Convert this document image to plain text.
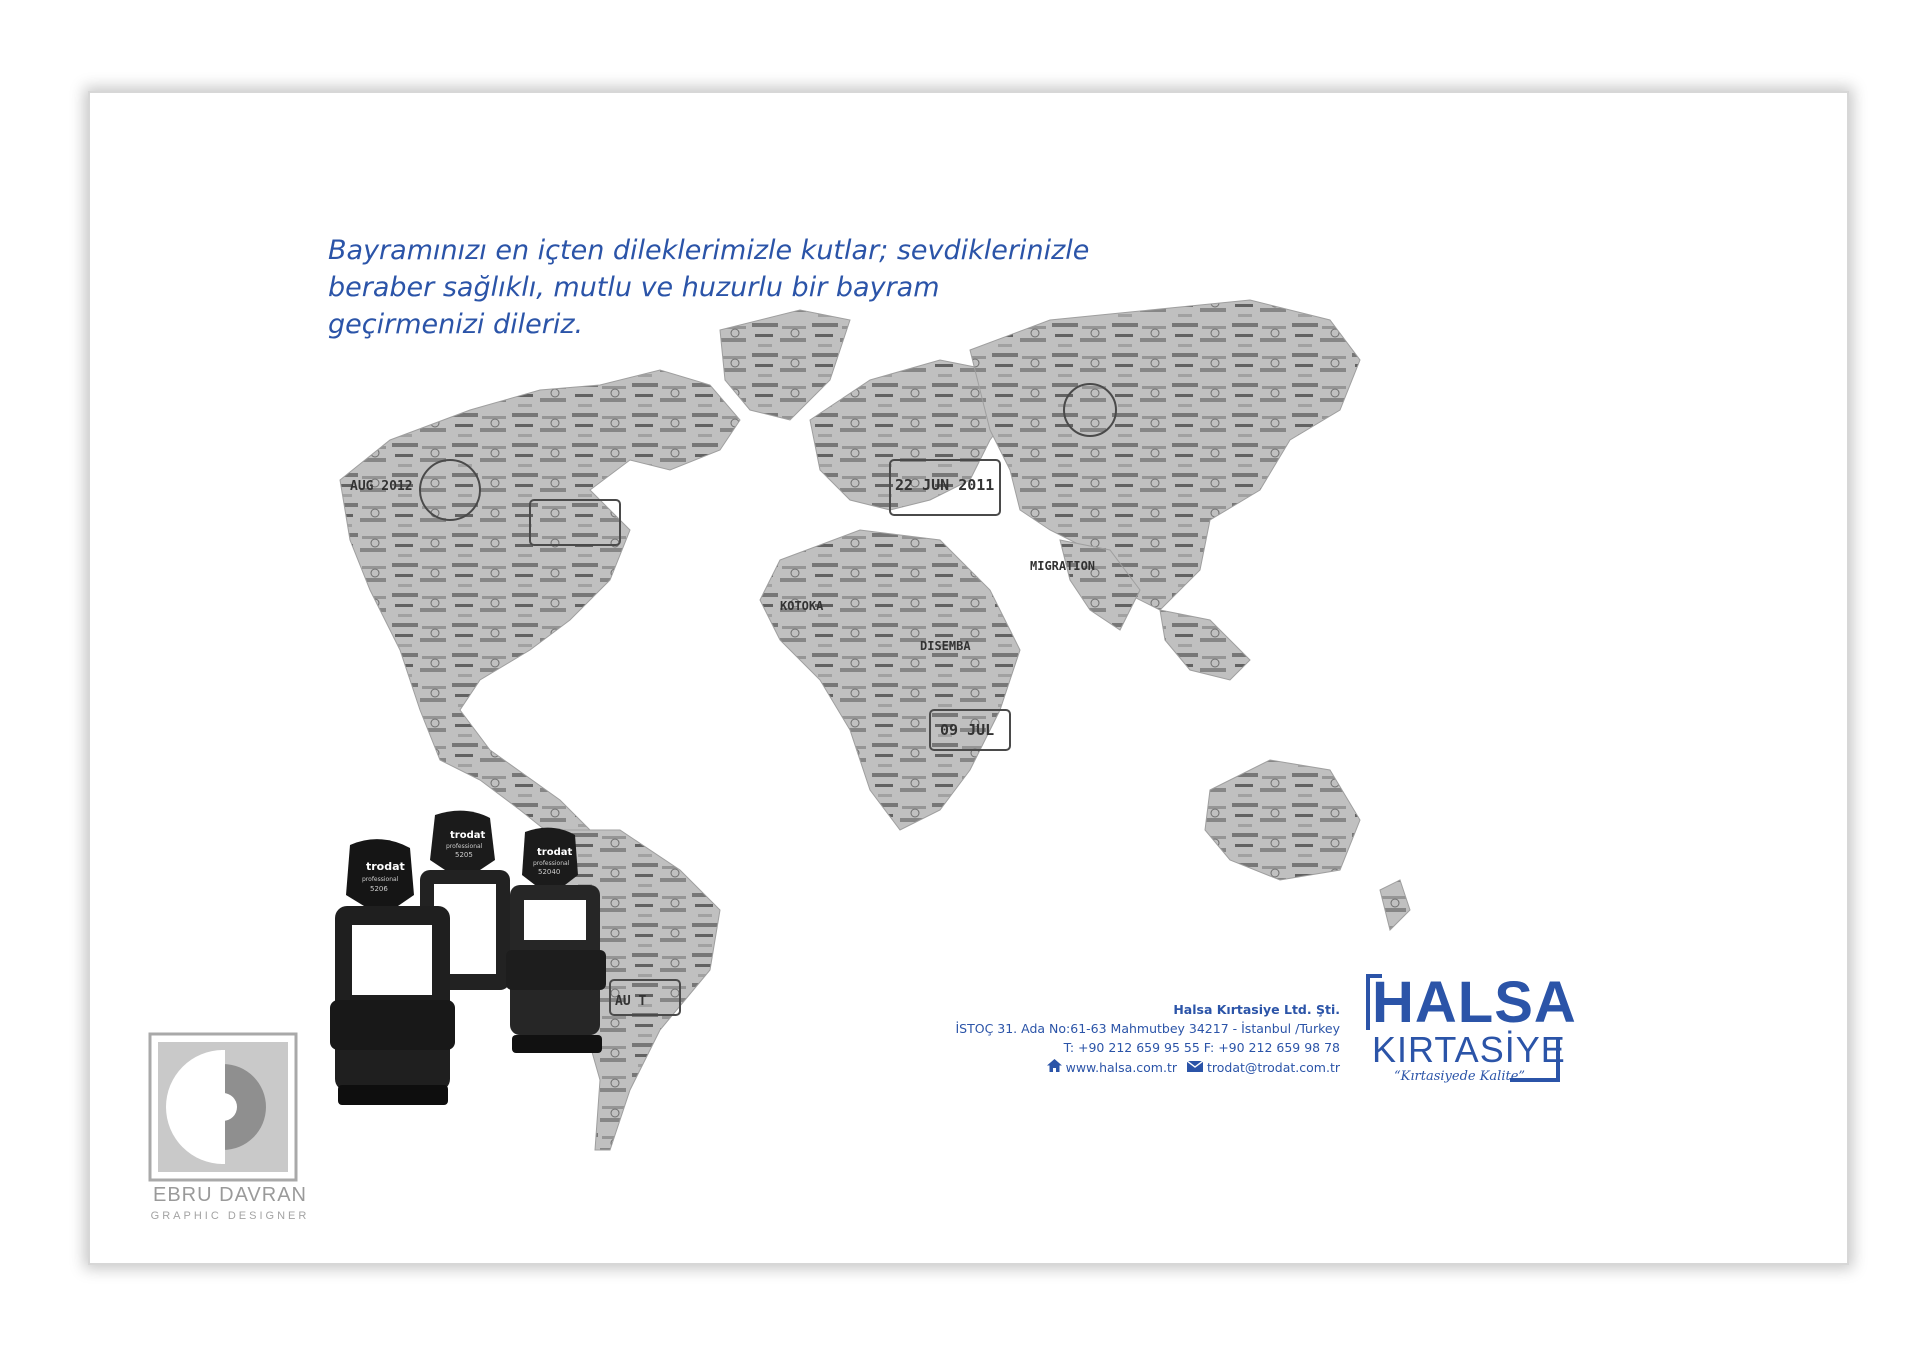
Bayramınızı en içten dileklerimizle kutlar; sevdiklerinizle
beraber sağlıklı, mutlu ve huzurlu bir bayram
geçirmenizi dileriz.
22 JUN 2011
09 JUL
AUG 2012
DISEMBA
KOTOKA
MIGRATION
AU T
trodat
professional
5205	trodat
professional
52040
trodat
professional
5206
EBRU DAVRAN
GRAPHIC DESIGNER
Halsa Kırtasiye Ltd. Şti.
İSTOÇ 31. Ada No:61-63 Mahmutbey 34217 - İstanbul /Turkey
T: +90 212 659 95 55 F: +90 212 659 98 78
www.halsa.com.tr trodat@trodat.com.tr
HALSA
KIRTASİYE
“Kırtasiyede Kalite”
